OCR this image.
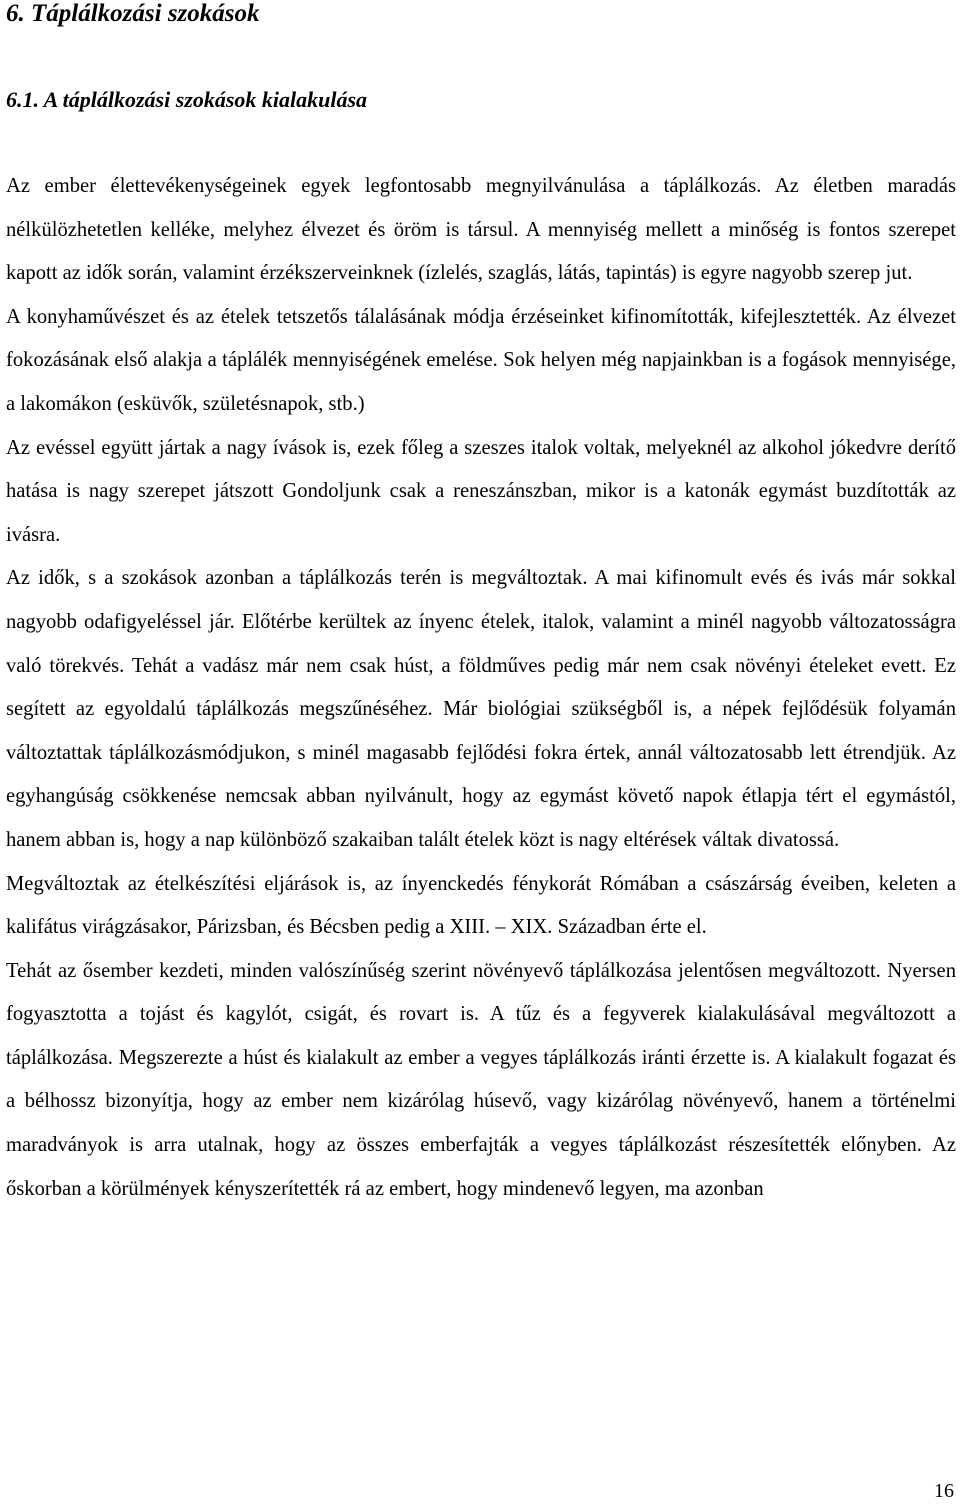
6. Táplálkozási szokások
6.1. A táplálkozási szokások kialakulása

Az ember élettevékenységeinek egyek legfontosabb megnyilvánulása a táplálkozás. Az életben maradás nélkülözhetetlen kelléke, melyhez élvezet és öröm is társul. A mennyiség mellett a minőség is fontos szerepet kapott az idők során, valamint érzékszerveinknek (ízlelés, szaglás, látás, tapintás) is egyre nagyobb szerep jut.

A konyhaművészet és az ételek tetszetős tálalásának módja érzéseinket kifinomították, kifejlesztették. Az élvezet fokozásának első alakja a táplálék mennyiségének emelése. Sok helyen még napjainkban is a fogások mennyisége, a lakomákon (esküvők, születésnapok, stb.)

Az evéssel együtt jártak a nagy ívások is, ezek főleg a szeszes italok voltak, melyeknél az alkohol jókedvre derítő hatása is nagy szerepet játszott Gondoljunk csak a reneszánszban, mikor is a katonák egymást buzdították az ivásra.

Az idők, s a szokások azonban a táplálkozás terén is megváltoztak. A mai kifinomult evés és ivás már sokkal nagyobb odafigyeléssel jár. Előtérbe kerültek az ínyenc ételek, italok, valamint a minél nagyobb változatosságra való törekvés. Tehát a vadász már nem csak húst, a földműves pedig már nem csak növényi ételeket evett. Ez segített az egyoldalú táplálkozás megszűnéséhez. Már biológiai szükségből is, a népek fejlődésük folyamán változtattak táplálkozásmódjukon, s minél magasabb fejlődési fokra értek, annál változatosabb lett étrendjük. Az egyhangúság csökkenése nemcsak abban nyilvánult, hogy az egymást követő napok étlapja tért el egymástól, hanem abban is, hogy a nap különböző szakaiban talált ételek közt is nagy eltérések váltak divatossá.

Megváltoztak az ételkészítési eljárások is, az ínyenckedés fénykorát Rómában a császárság éveiben, keleten a kalifátus virágzásakor, Párizsban, és Bécsben pedig a XIII. – XIX. Században érte el.

Tehát az ősember kezdeti, minden valószínűség szerint növényevő táplálkozása jelentősen megváltozott. Nyersen fogyasztotta a tojást és kagylót, csigát, és rovart is. A tűz és a fegyverek kialakulásával megváltozott a táplálkozása. Megszerezte a húst és kialakult az ember a vegyes táplálkozás iránti érzette is. A kialakult fogazat és a bélhossz bizonyítja, hogy az ember nem kizárólag húsevő, vagy kizárólag növényevő, hanem a történelmi maradványok is arra utalnak, hogy az összes emberfajták a vegyes táplálkozást részesítették előnyben. Az őskorban a körülmények kényszerítették rá az embert, hogy mindenevő legyen, ma azonban

16
